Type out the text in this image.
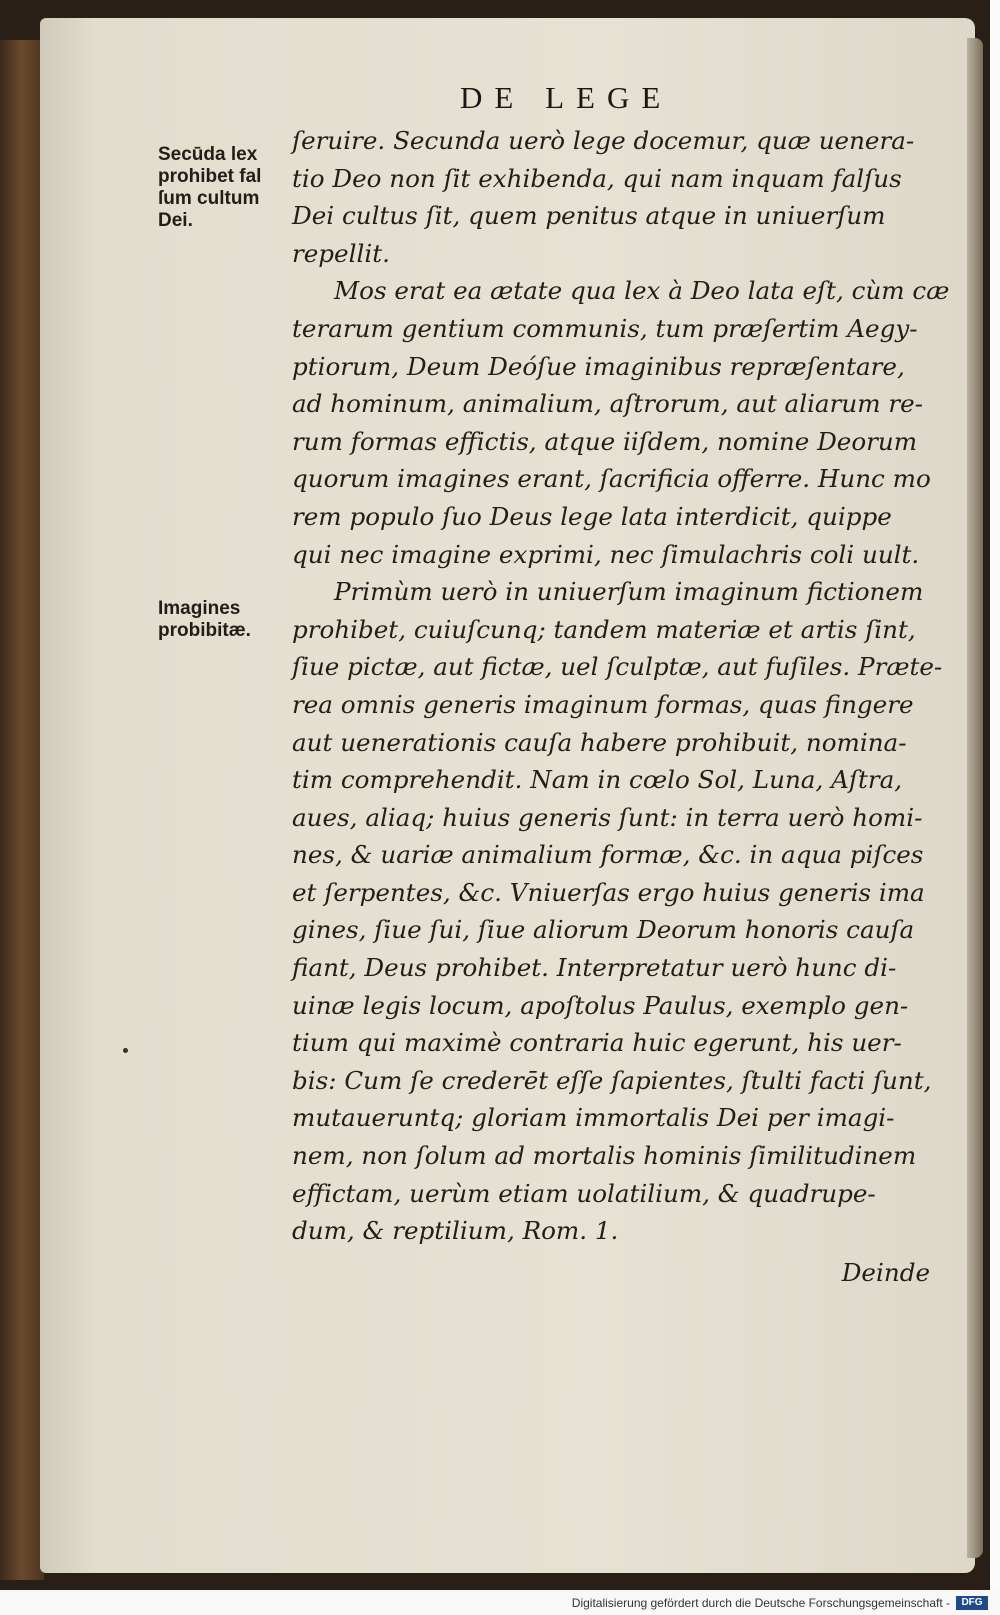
DE LEGE
Secūda lex
prohibet fal
ſum cultum
Dei.
Imagines
probibitæ.
ſeruire. Secunda uerò lege docemur, quæ uenera-
tio Deo non ſit exhibenda, qui nam inquam falſus
Dei cultus ſit, quem penitus atque in uniuerſum
repellit.
Mos erat ea ætate qua lex à Deo lata eſt, cùm cæ
terarum gentium communis, tum præſertim Aegy-
ptiorum, Deum Deóſue imaginibus repræſentare,
ad hominum, animalium, aſtrorum, aut aliarum re-
rum formas effictis, atque iiſdem, nomine Deorum
quorum imagines erant, ſacrificia offerre. Hunc mo
rem populo ſuo Deus lege lata interdicit, quippe
qui nec imagine exprimi, nec ſimulachris coli uult.
Primùm uerò in uniuerſum imaginum fictionem
prohibet, cuiuſcunq; tandem materiæ et artis ſint,
ſiue pictæ, aut fictæ, uel ſculptæ, aut fuſiles. Præte-
rea omnis generis imaginum formas, quas fingere
aut uenerationis cauſa habere prohibuit, nomina-
tim comprehendit. Nam in cœlo Sol, Luna, Aſtra,
aues, aliaq; huius generis ſunt: in terra uerò homi-
nes, & uariæ animalium formæ, &c. in aqua piſces
et ſerpentes, &c. Vniuerſas ergo huius generis ima
gines, ſiue ſui, ſiue aliorum Deorum honoris cauſa
fiant, Deus prohibet. Interpretatur uerò hunc di-
uinæ legis locum, apoſtolus Paulus, exemplo gen-
tium qui maximè contraria huic egerunt, his uer-
bis: Cum ſe crederēt eſſe ſapientes, ſtulti facti ſunt,
mutaueruntq; gloriam immortalis Dei per imagi-
nem, non ſolum ad mortalis hominis ſimilitudinem
effictam, uerùm etiam uolatilium, & quadrupe-
dum, & reptilium, Rom. 1.
Deinde
Digitalisierung gefördert durch die Deutsche Forschungsgemeinschaft -	DFG
